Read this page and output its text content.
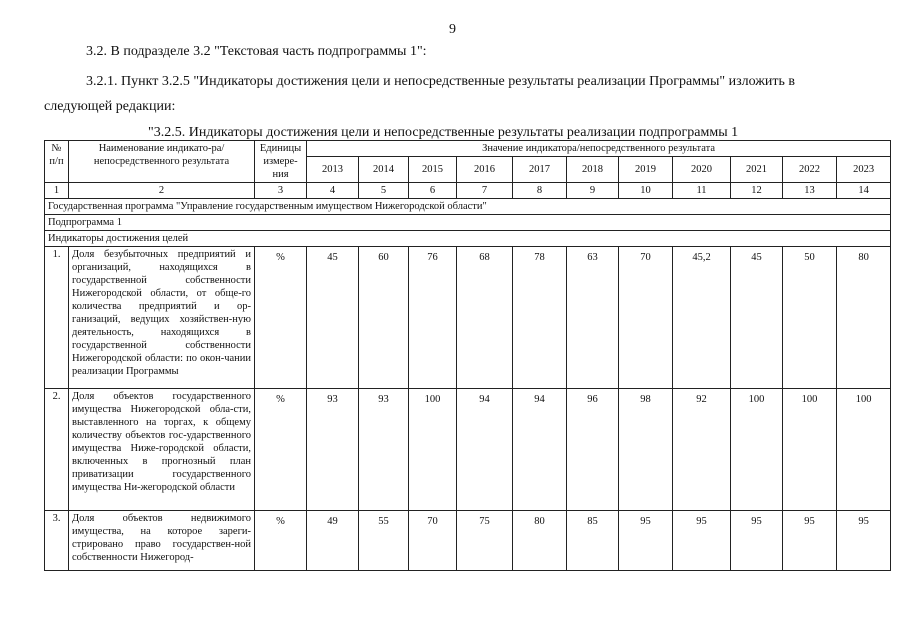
9
3.2. В подразделе 3.2 "Текстовая часть подпрограммы 1":
3.2.1. Пункт 3.2.5 "Индикаторы достижения цели и непосредственные результаты реализации Программы" изложить в
следующей редакции:
"3.2.5. Индикаторы достижения цели и непосредственные результаты реализации подпрограммы 1
№ п/п	Наименование индикато-ра/непосредственного результата	Единицы измере-ния	Значение индикатора/непосредственного результата										
			2013	2014	2015	2016	2017	2018	2019	2020	2021	2022	2023
1	2	3	4	5	6	7	8	9	10	11	12	13	14
Государственная программа "Управление государственным имуществом Нижегородской области"													
Подпрограмма 1													
Индикаторы достижения целей													
1.	Доля безубыточных предприятий и организаций, находящихся в государственной собственности Нижегородской области, от обще-го количества предприятий и ор-ганизаций, ведущих хозяйствен-ную деятельность, находящихся в государственной собственности Нижегородской области: по окон-чании реализации Программы	%	45	60	76	68	78	63	70	45,2	45	50	80
2.	Доля объектов государственного имущества Нижегородской обла-сти, выставленного на торгах, к общему количеству объектов гос-ударственного имущества Ниже-городской области, включенных в прогнозный план приватизации государственного имущества Ни-жегородской области	%	93	93	100	94	94	96	98	92	100	100	100
3.	Доля объектов недвижимого имущества, на которое зареги-стрировано право государствен-ной собственности Нижегород-	%	49	55	70	75	80	85	95	95	95	95	95
